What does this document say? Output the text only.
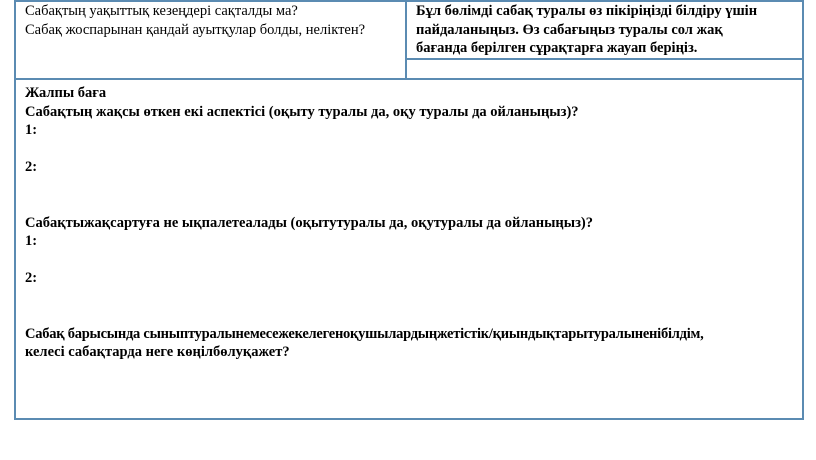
Сабақтың уақыттық кезеңдері сақталды ма?
Сабақ жоспарынан қандай ауытқулар болды, неліктен?
Бұл бөлімді сабақ туралы өз пікіріңізді білдіру үшін
пайдаланыңыз. Өз сабағыңыз туралы сол жақ
бағанда берілген сұрақтарға жауап беріңіз.
Жалпы баға
Сабақтың жақсы өткен екі аспектісі (оқыту туралы да, оқу туралы да ойланыңыз)?
1:
2:
Сабақтыжақсартуға не ықпалетеалады (оқытутуралы да, оқутуралы да ойланыңыз)?
1:
2:
Сабақ барысында сыныптуралынемесежекелегеноқушылардыңжетістік/қиындықтарытуралыненібілдім,
келесі сабақтарда неге көңілбөлуқажет?
